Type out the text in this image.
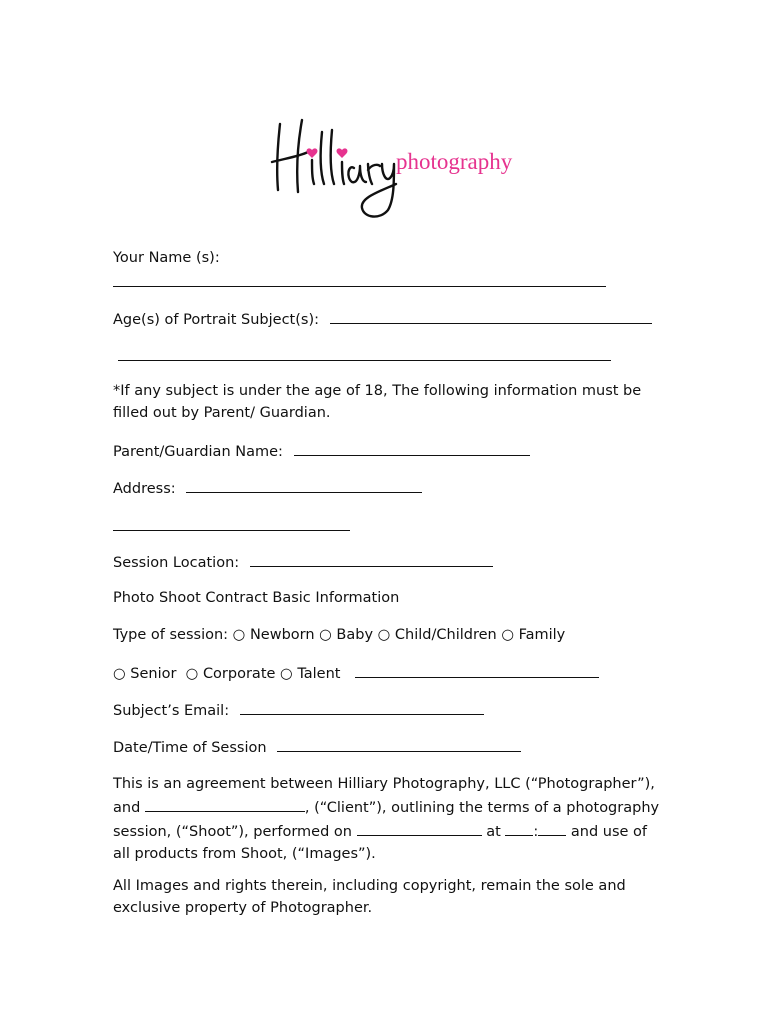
photography
Your Name (s):
Age(s) of Portrait Subject(s):
*If any subject is under the age of 18, The following information must be filled out by Parent/ Guardian.
Parent/Guardian Name:
Address:
Session Location:
Photo Shoot Contract Basic Information
Type of session: ○ Newborn ○ Baby ○ Child/Children ○ Family
○ Senior ○ Corporate ○ Talent
Subject’s Email:
Date/Time of Session
This is an agreement between Hilliary Photography, LLC (“Photographer”), and	, (“Client”), outlining the terms of a photography session, (“Shoot”), performed on	at : and use of all products from Shoot, (“Images”).
All Images and rights therein, including copyright, remain the sole and exclusive property of Photographer.
